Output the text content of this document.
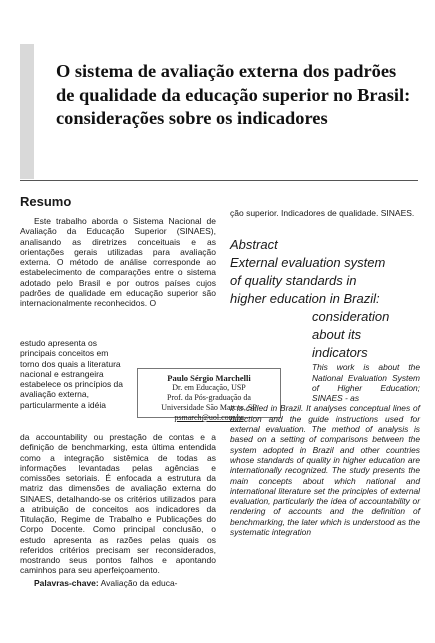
O sistema de avaliação externa dos padrões de qualidade da educação superior no Brasil: considerações sobre os indicadores
Resumo

Este trabalho aborda o Sistema Nacional de Avaliação da Educação Superior (SINAES), analisando as diretrizes conceituais e as orientações gerais utilizadas para avaliação externa. O método de análise corresponde ao estabelecimento de comparações entre o sistema adotado pelo Brasil e por outros países cujos padrões de qualidade em educação superior são internacionalmente reconhecidos. O

estudo apresenta os principais conceitos em torno dos quais a literatura nacional e estrangeira estabelece os princípios da avaliação externa, particularmente a idéia

da accountability ou prestação de contas e a definição de benchmarking, esta última entendida como a integração sistêmica de todas as informações levantadas pelas agências e comissões setoriais. É enfocada a estrutura da matriz das dimensões de avaliação externa do SINAES, detalhando-se os critérios utilizados para a atribuição de conceitos aos indicadores da Titulação, Regime de Trabalho e Publicações do Corpo Docente. Como principal conclusão, o estudo apresenta as razões pelas quais os referidos critérios precisam ser reconsiderados, mostrando seus pontos falhos e apontando caminhos para seu aperfeiçoamento.

Palavras-chave: Avaliação da educa-

Paulo Sérgio Marchelli
Dr. em Educação, USP
Prof. da Pós-graduação da
Universidade São Marcos, SP
psmarch@uol.com.br

ção superior. Indicadores de qualidade. SINAES.

Abstract
External evaluation system
of quality standards in
higher education in Brazil:
consideration
about its
indicators

This work is about the National Evaluation System of Higher Education; SINAES - as

it is called in Brazil. It analyses conceptual lines of direction and the guide instructions used for external evaluation. The method of analysis is based on a setting of comparisons between the system adopted in Brazil and other countries whose standards of quality in higher education are internationally recognized. The study presents the main concepts about which national and international literature set the principles of external evaluation, particularly the idea of accountability or rendering of accounts and the definition of benchmarking, the later which is understood as the systematic integration
